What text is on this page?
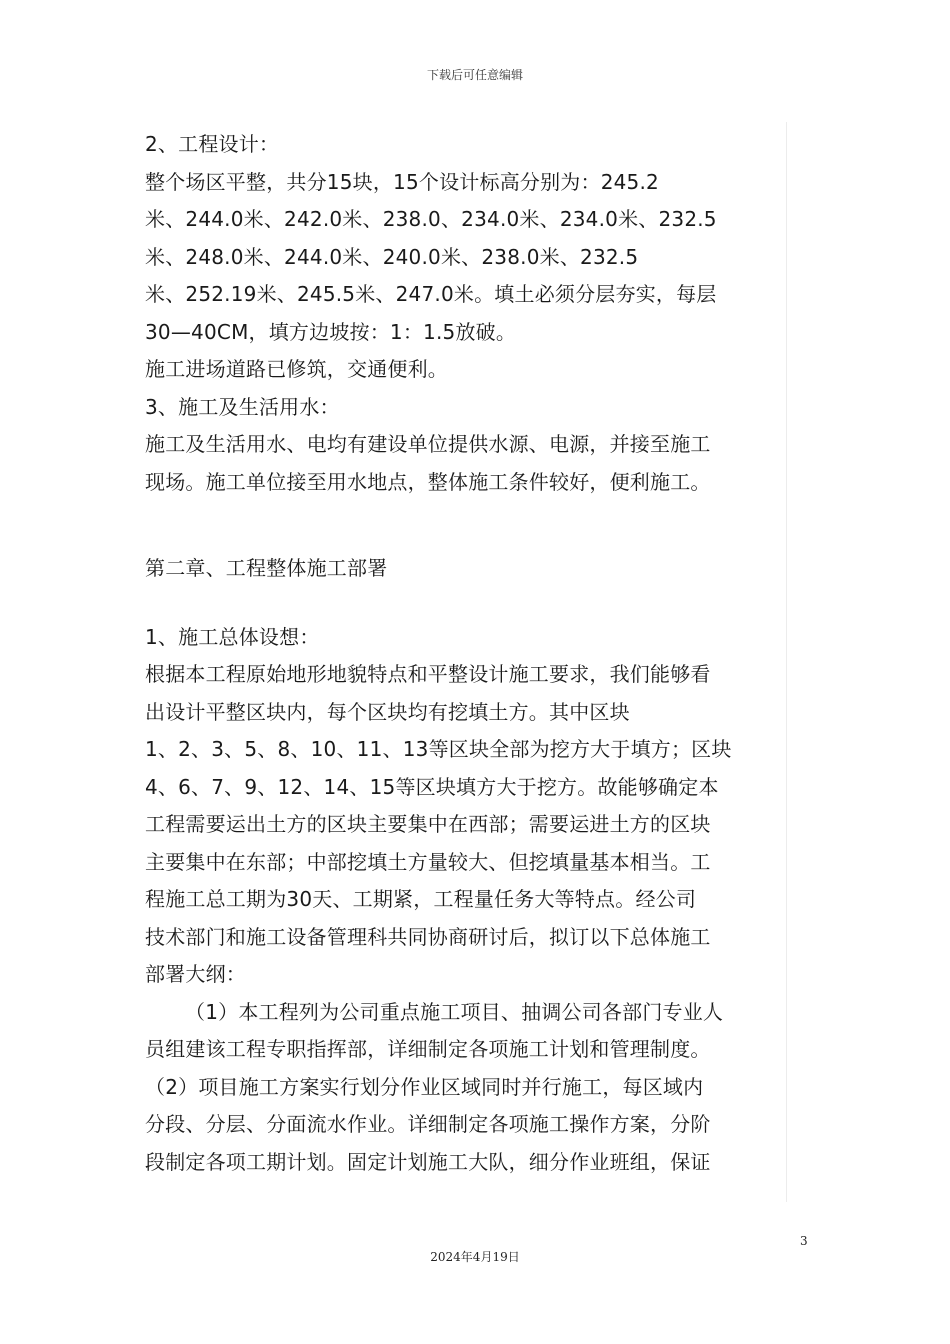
下载后可任意编辑
2、工程设计：
整个场区平整，共分15块，15个设计标高分别为：245.2
米、244.0米、242.0米、238.0、234.0米、234.0米、232.5
米、248.0米、244.0米、240.0米、238.0米、232.5
米、252.19米、245.5米、247.0米。填土必须分层夯实，每层
30—40CM，填方边坡按：1：1.5放破。
施工进场道路已修筑，交通便利。
3、施工及生活用水：
施工及生活用水、电均有建设单位提供水源、电源，并接至施工
现场。施工单位接至用水地点，整体施工条件较好，便利施工。
第二章、工程整体施工部署
1、施工总体设想：
根据本工程原始地形地貌特点和平整设计施工要求，我们能够看
出设计平整区块内，每个区块均有挖填土方。其中区块
1、2、3、5、8、10、11、13等区块全部为挖方大于填方；区块
4、6、7、9、12、14、15等区块填方大于挖方。故能够确定本
工程需要运出土方的区块主要集中在西部；需要运进土方的区块
主要集中在东部；中部挖填土方量较大、但挖填量基本相当。工
程施工总工期为30天、工期紧，工程量任务大等特点。经公司
技术部门和施工设备管理科共同协商研讨后，拟订以下总体施工
部署大纲：
（1）本工程列为公司重点施工项目、抽调公司各部门专业人
员组建该工程专职指挥部，详细制定各项施工计划和管理制度。
（2）项目施工方案实行划分作业区域同时并行施工，每区域内
分段、分层、分面流水作业。详细制定各项施工操作方案，分阶
段制定各项工期计划。固定计划施工大队，细分作业班组，保证
3
2024年4月19日
